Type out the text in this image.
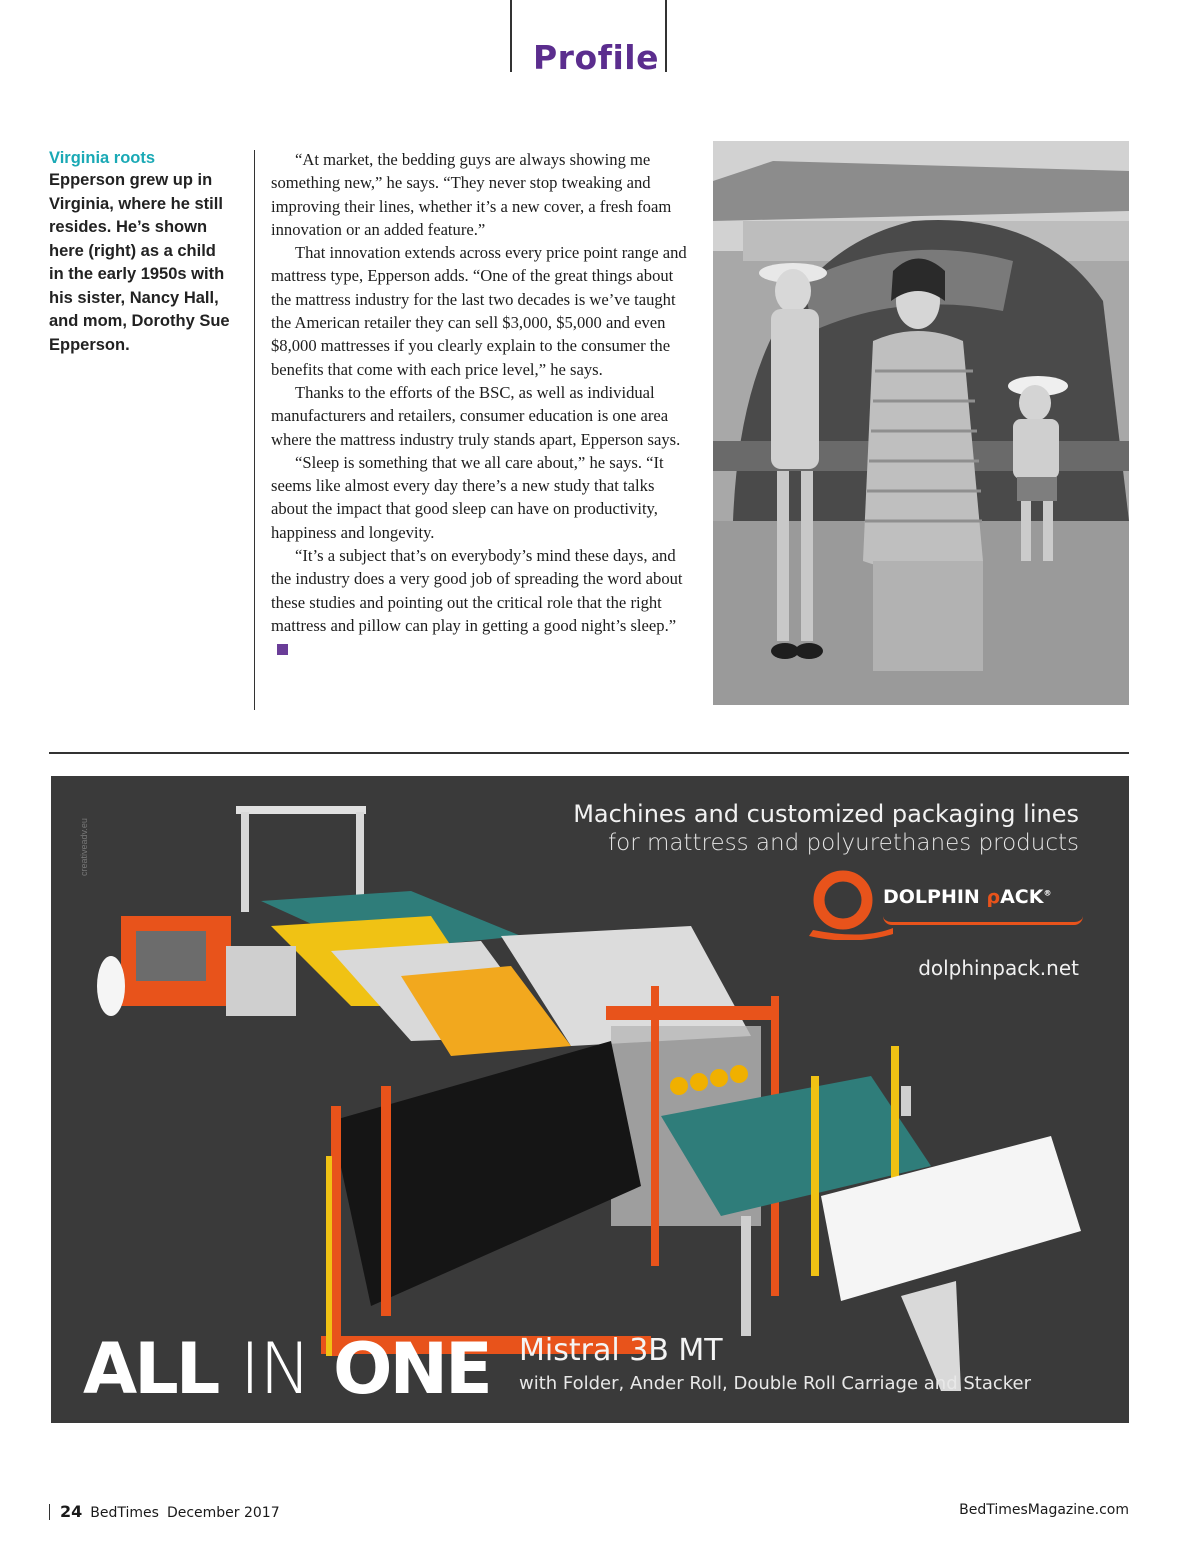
Profile
Virginia roots
Epperson grew up in Virginia, where he still resides. He’s shown here (right) as a child in the early 1950s with his sister, Nancy Hall, and mom, Dorothy Sue Epperson.

“At market, the bedding guys are always showing me something new,” he says. “They never stop tweaking and improving their lines, whether it’s a new cover, a fresh foam innovation or an added feature.”

That innovation extends across every price point range and mattress type, Epperson adds. “One of the great things about the mattress industry for the last two decades is we’ve taught the American retailer they can sell $3,000, $5,000 and even $8,000 mattresses if you clearly explain to the consumer the benefits that come with each price level,” he says.

Thanks to the efforts of the BSC, as well as individual manufacturers and retailers, consumer education is one area where the mattress industry truly stands apart, Epperson says.

“Sleep is something that we all care about,” he says. “It seems like almost every day there’s a new study that talks about the impact that good sleep can have on productivity, happiness and longevity.

“It’s a subject that’s on everybody’s mind these days, and the industry does a very good job of spreading the word about these studies and pointing out the critical role that the right mattress and pillow can play in getting a good night’s sleep.”

creativeadv.eu
Machines and customized packaging lines
for mattress and polyurethanes products
DOLPHIN ρACK®
dolphinpack.net
ALL IN ONE Mistral 3B MT
with Folder, Ander Roll, Double Roll Carriage and Stacker
24 BedTimes December 2017	BedTimesMagazine.com
